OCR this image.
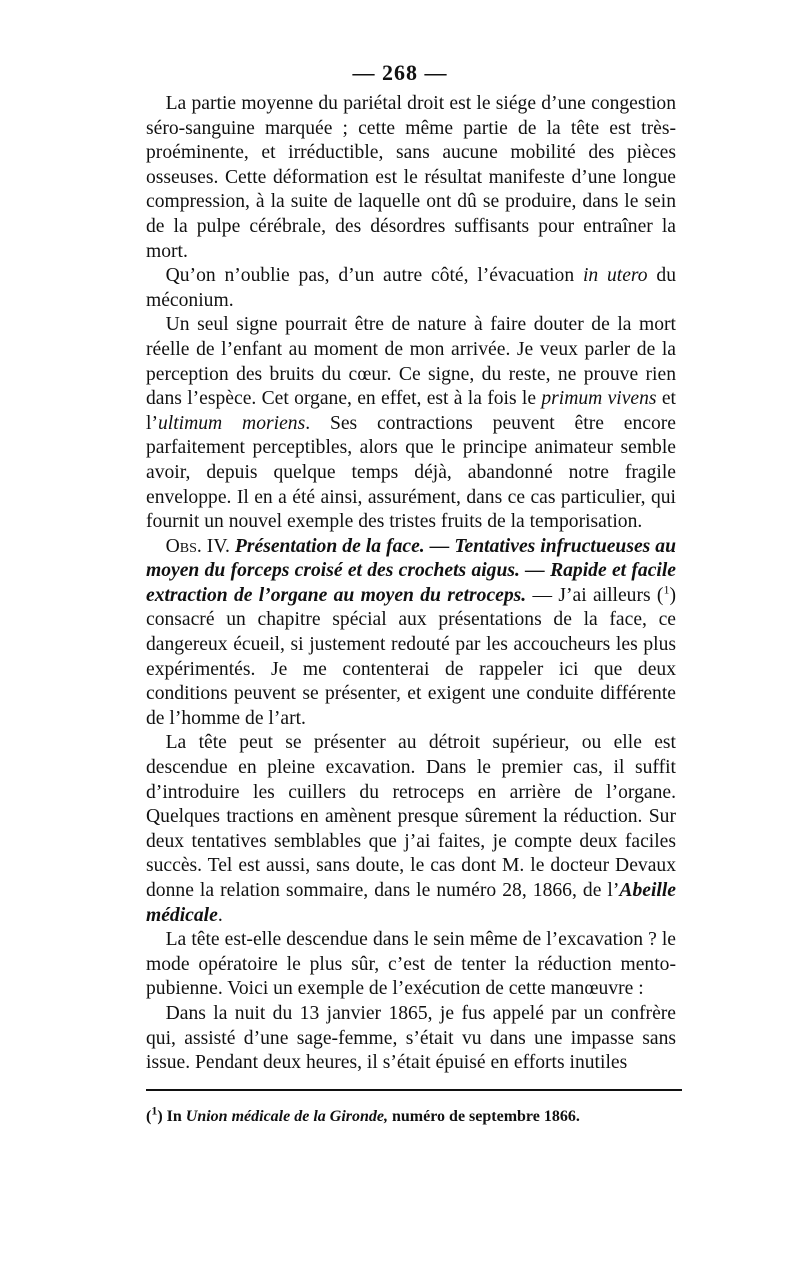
— 268 —

 La partie moyenne du pariétal droit est le siége d’une congestion séro-sanguine marquée ; cette même partie de la tête est très-proéminente, et irréductible, sans aucune mobilité des pièces osseuses. Cette déformation est le résultat manifeste d’une longue compression, à la suite de laquelle ont dû se produire, dans le sein de la pulpe cérébrale, des désordres suffisants pour entraîner la mort.

 Qu’on n’oublie pas, d’un autre côté, l’évacuation in utero du méconium.

 Un seul signe pourrait être de nature à faire douter de la mort réelle de l’enfant au moment de mon arrivée. Je veux parler de la perception des bruits du cœur. Ce signe, du reste, ne prouve rien dans l’espèce. Cet organe, en effet, est à la fois le primum vivens et l’ultimum moriens. Ses contractions peuvent être encore parfaitement perceptibles, alors que le principe animateur semble avoir, depuis quelque temps déjà, abandonné notre fragile enveloppe. Il en a été ainsi, assurément, dans ce cas particulier, qui fournit un nouvel exemple des tristes fruits de la temporisation.

 Obs. IV. Présentation de la face. — Tentatives infructueuses au moyen du forceps croisé et des crochets aigus. — Rapide et facile extraction de l’organe au moyen du retroceps. — J’ai ailleurs ($^1$) consacré un chapitre spécial aux présentations de la face, ce dangereux écueil, si justement redouté par les accoucheurs les plus expérimentés. Je me contenterai de rappeler ici que deux conditions peuvent se présenter, et exigent une conduite différente de l’homme de l’art.

 La tête peut se présenter au détroit supérieur, ou elle est descendue en pleine excavation. Dans le premier cas, il suffit d’introduire les cuillers du retroceps en arrière de l’organe. Quelques tractions en amènent presque sûrement la réduction. Sur deux tentatives semblables que j’ai faites, je compte deux faciles succès. Tel est aussi, sans doute, le cas dont M. le docteur Devaux donne la relation sommaire, dans le numéro 28, 1866, de l’Abeille médicale.

 La tête est-elle descendue dans le sein même de l’excavation ? le mode opératoire le plus sûr, c’est de tenter la réduction mento-pubienne. Voici un exemple de l’exécution de cette manœuvre :

 Dans la nuit du 13 janvier 1865, je fus appelé par un confrère qui, assisté d’une sage-femme, s’était vu dans une impasse sans issue. Pendant deux heures, il s’était épuisé en efforts inutiles

($^1$) In Union médicale de la Gironde, numéro de septembre 1866.
